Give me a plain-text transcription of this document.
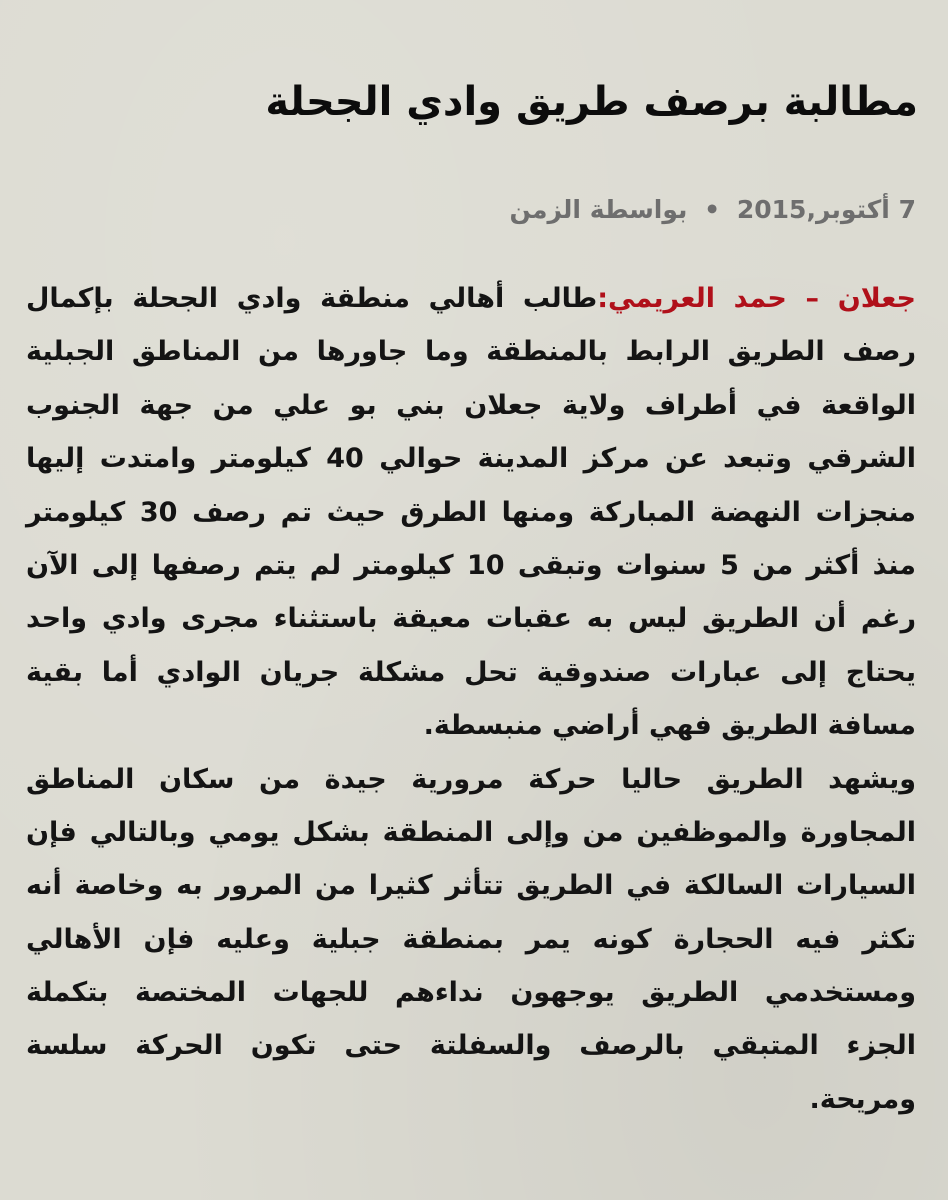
مطالبة برصف طريق وادي الجحلة
7 أكتوبر,2015 • بواسطة الزمن
جعلان – حمد العريمي:طالب أهالي منطقة وادي الجحلة بإكمال
رصف الطريق الرابط بالمنطقة وما جاورها من المناطق الجبلية
الواقعة في أطراف ولاية جعلان بني بو علي من جهة الجنوب
الشرقي وتبعد عن مركز المدينة حوالي 40 كيلومتر وامتدت إليها
منجزات النهضة المباركة ومنها الطرق حيث تم رصف 30 كيلومتر
منذ أكثر من 5 سنوات وتبقى 10 كيلومتر لم يتم رصفها إلى الآن
رغم أن الطريق ليس به عقبات معيقة باستثناء مجرى وادي واحد
يحتاج إلى عبارات صندوقية تحل مشكلة جريان الوادي أما بقية
مسافة الطريق فهي أراضي منبسطة.
ويشهد الطريق حاليا حركة مرورية جيدة من سكان المناطق
المجاورة والموظفين من وإلى المنطقة بشكل يومي وبالتالي فإن
السيارات السالكة في الطريق تتأثر كثيرا من المرور به وخاصة أنه
تكثر فيه الحجارة كونه يمر بمنطقة جبلية وعليه فإن الأهالي
ومستخدمي الطريق يوجهون نداءهم للجهات المختصة بتكملة
الجزء المتبقي بالرصف والسفلتة حتى تكون الحركة سلسة
ومريحة.
